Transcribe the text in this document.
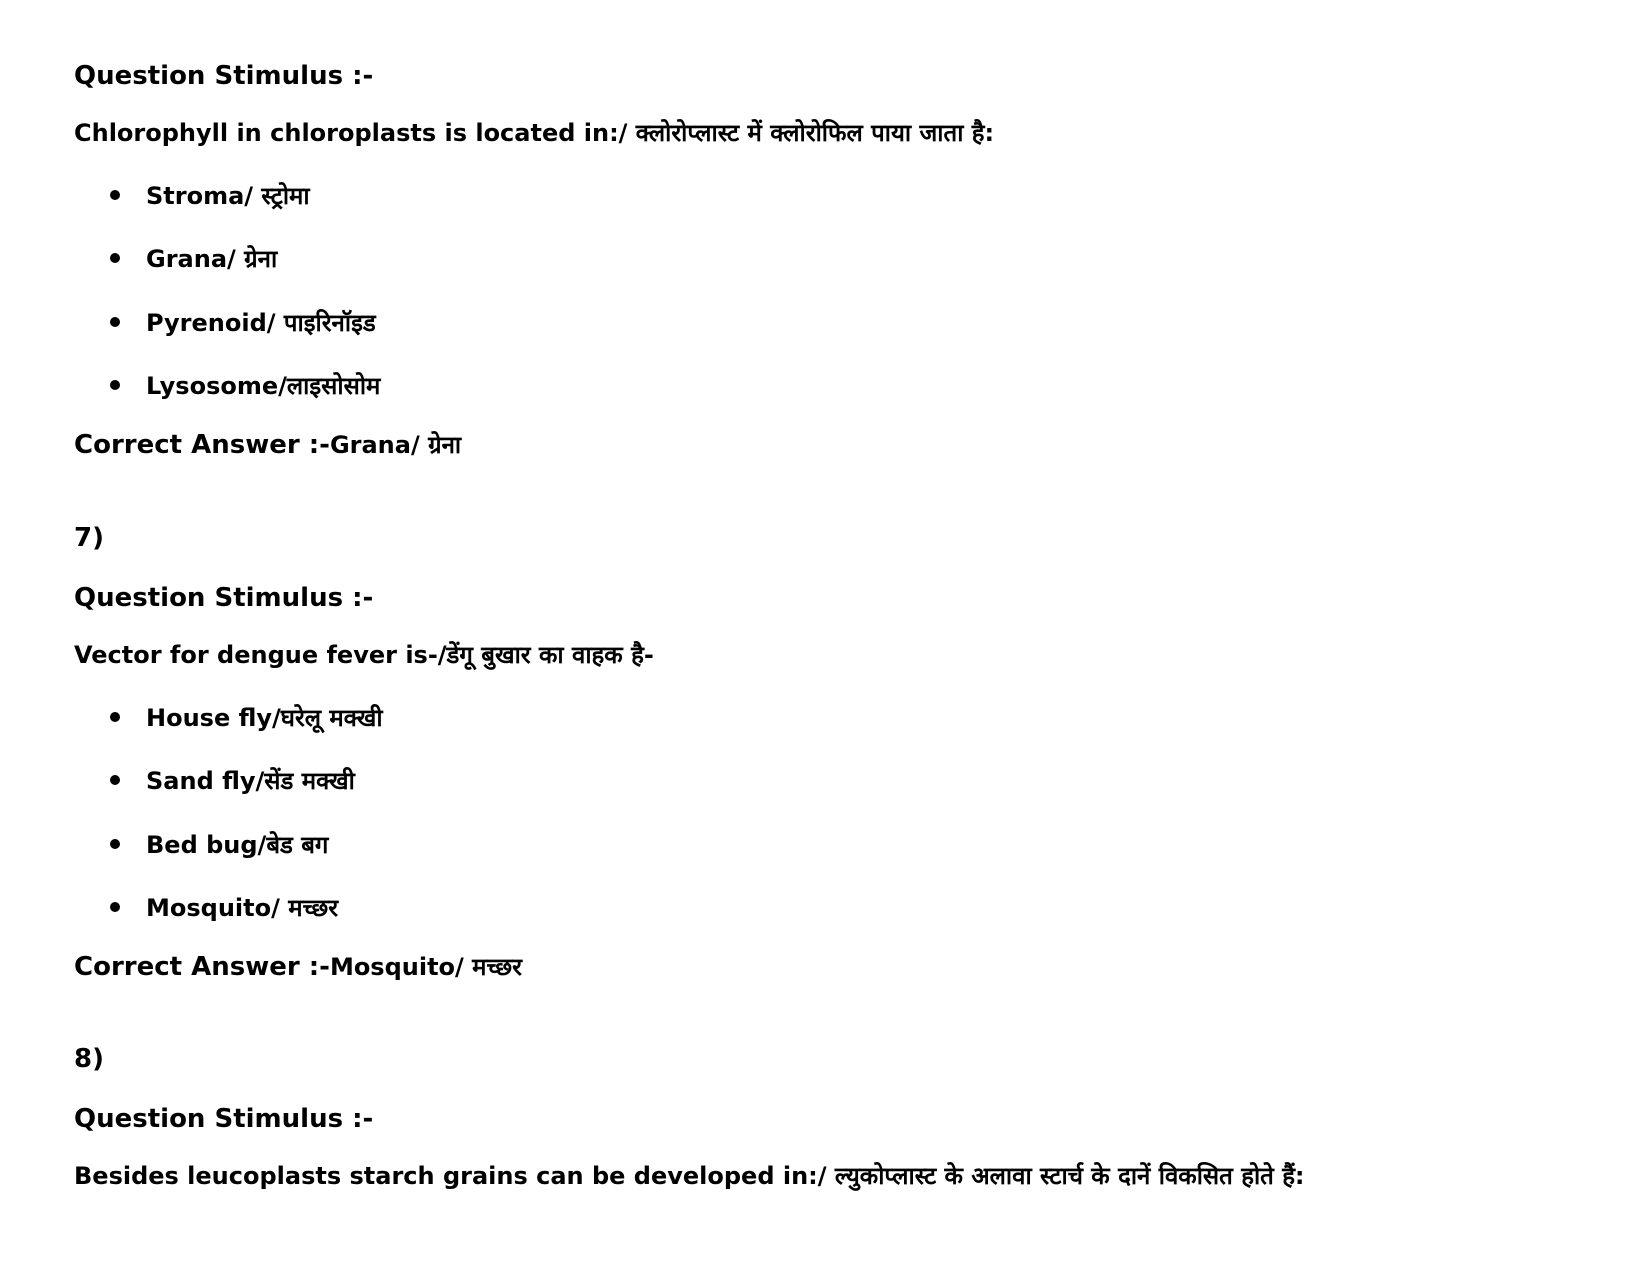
Question Stimulus :-
Chlorophyll in chloroplasts is located in:/ क्लोरोप्लास्ट में क्लोरोफिल पाया जाता है:
Stroma/ स्ट्रोमा
Grana/ ग्रेना
Pyrenoid/ पाइरिनॉइड
Lysosome/लाइसोसोम
Correct Answer :-Grana/ ग्रेना
7)
Question Stimulus :-
Vector for dengue fever is-/डेंगू बुखार का वाहक है-
House fly/घरेलू मक्खी
Sand fly/सेंड मक्खी
Bed bug/बेड बग
Mosquito/ मच्छर
Correct Answer :-Mosquito/ मच्छर
8)
Question Stimulus :-
Besides leucoplasts starch grains can be developed in:/ ल्युकोप्लास्ट के अलावा स्टार्च के दानें विकसित होते हैं:
